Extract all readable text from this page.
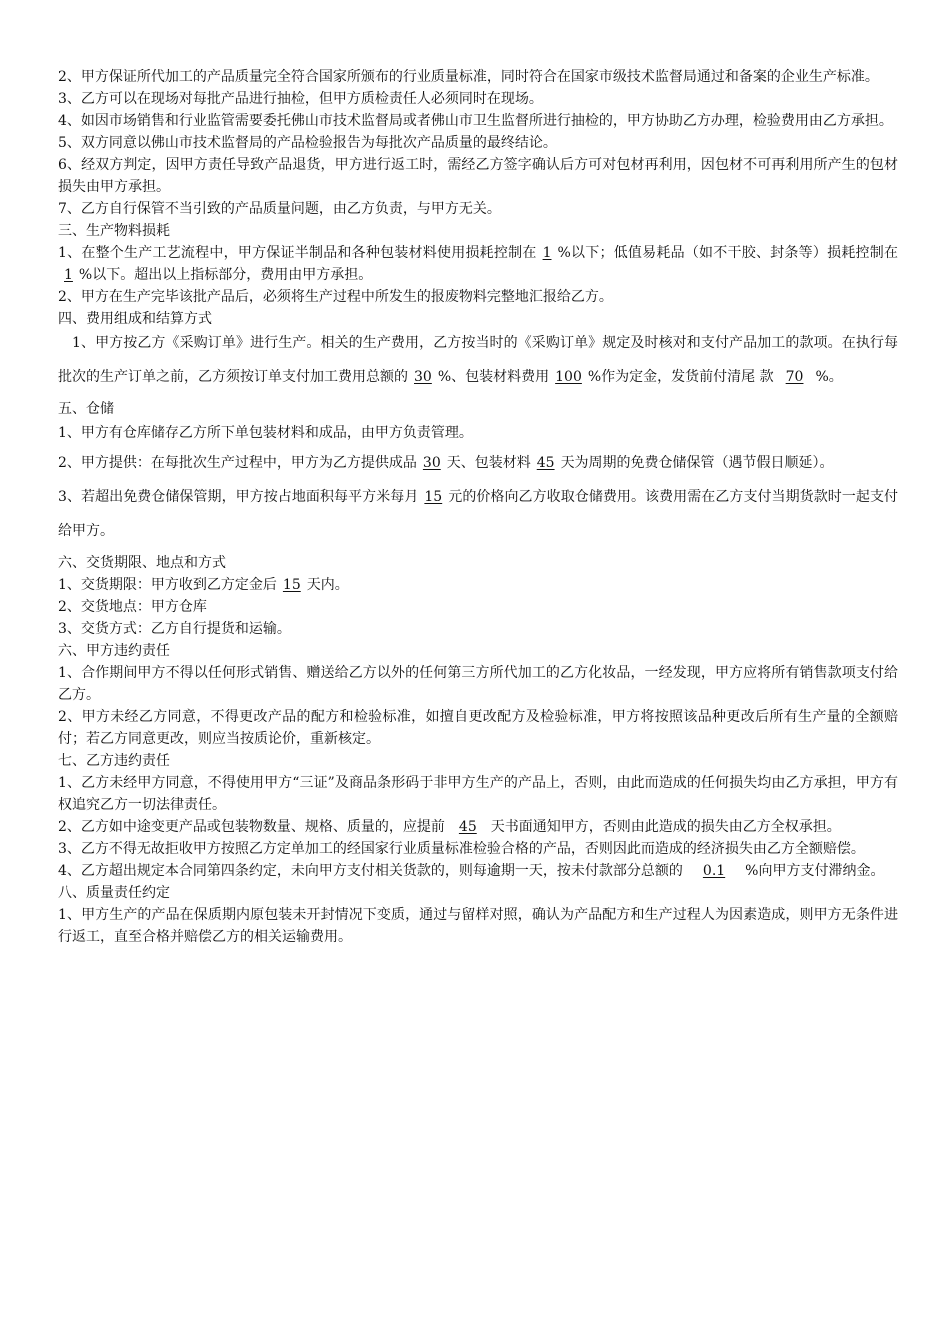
2、甲方保证所代加工的产品质量完全符合国家所颁布的行业质量标准，同时符合在国家市级技术监督局通过和备案的企业生产标准。

3、乙方可以在现场对每批产品进行抽检，但甲方质检责任人必须同时在现场。

4、如因市场销售和行业监管需要委托佛山市技术监督局或者佛山市卫生监督所进行抽检的，甲方协助乙方办理，检验费用由乙方承担。

5、双方同意以佛山市技术监督局的产品检验报告为每批次产品质量的最终结论。

6、经双方判定，因甲方责任导致产品退货，甲方进行返工时，需经乙方签字确认后方可对包材再利用，因包材不可再利用所产生的包材损失由甲方承担。

7、乙方自行保管不当引致的产品质量问题，由乙方负责，与甲方无关。

三、生产物料损耗

1、在整个生产工艺流程中，甲方保证半制品和各种包装材料使用损耗控制在 1 %以下；低值易耗品（如不干胶、封条等）损耗控制在1 %以下。超出以上指标部分，费用由甲方承担。

2、甲方在生产完毕该批产品后，必须将生产过程中所发生的报废物料完整地汇报给乙方。

四、费用组成和结算方式

1、甲方按乙方《采购订单》进行生产。相关的生产费用，乙方按当时的《采购订单》规定及时核对和支付产品加工的款项。在执行每批次的生产订单之前，乙方须按订单支付加工费用总额的 30 %、包装材料费用 100 %作为定金，发货前付清尾 款 70 %。

五、仓储

1、甲方有仓库储存乙方所下单包装材料和成品，由甲方负责管理。

2、甲方提供：在每批次生产过程中，甲方为乙方提供成品 30 天、包装材料 45 天为周期的免费仓储保管（遇节假日顺延）。

3、若超出免费仓储保管期，甲方按占地面积每平方米每月 15 元的价格向乙方收取仓储费用。该费用需在乙方支付当期货款时一起支付给甲方。

六、交货期限、地点和方式

1、交货期限：甲方收到乙方定金后 15 天内。

2、交货地点：甲方仓库

3、交货方式：乙方自行提货和运输。

六、甲方违约责任

1、合作期间甲方不得以任何形式销售、赠送给乙方以外的任何第三方所代加工的乙方化妆品，一经发现，甲方应将所有销售款项支付给乙方。

2、甲方未经乙方同意，不得更改产品的配方和检验标准，如擅自更改配方及检验标准，甲方将按照该品种更改后所有生产量的全额赔付；若乙方同意更改，则应当按质论价，重新核定。

七、乙方违约责任

1、乙方未经甲方同意，不得使用甲方“三证”及商品条形码于非甲方生产的产品上，否则，由此而造成的任何损失均由乙方承担，甲方有权追究乙方一切法律责任。

2、乙方如中途变更产品或包装物数量、规格、质量的，应提前 45 天书面通知甲方，否则由此造成的损失由乙方全权承担。

3、乙方不得无故拒收甲方按照乙方定单加工的经国家行业质量标准检验合格的产品，否则因此而造成的经济损失由乙方全额赔偿。

4、乙方超出规定本合同第四条约定，未向甲方支付相关货款的，则每逾期一天，按未付款部分总额的 0.1 %向甲方支付滞纳金。

八、质量责任约定

1、甲方生产的产品在保质期内原包装未开封情况下变质，通过与留样对照，确认为产品配方和生产过程人为因素造成，则甲方无条件进行返工，直至合格并赔偿乙方的相关运输费用。
